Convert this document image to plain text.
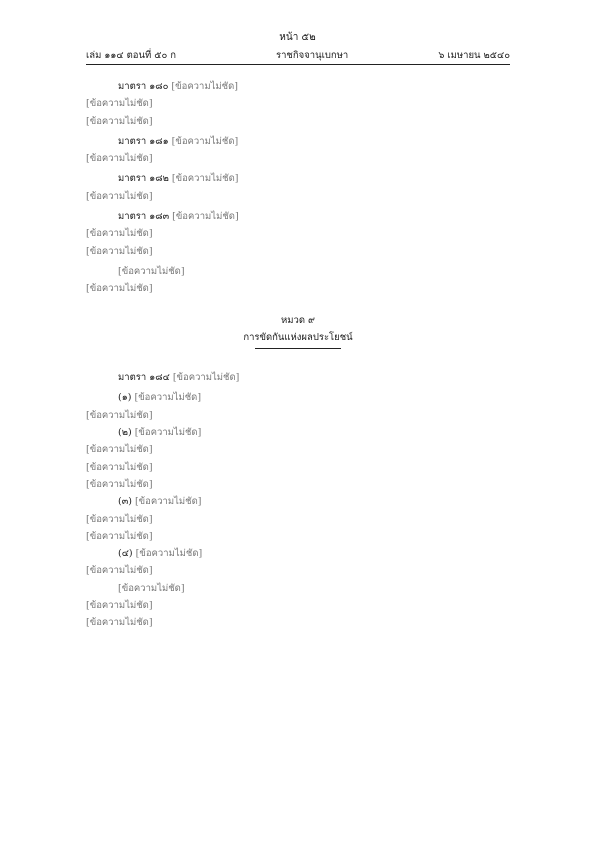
หน้า ๕๒
เล่ม ๑๑๔ ตอนที่ ๕๐ ก	ราชกิจจานุเบกษา	๖ เมษายน ๒๕๔๐

มาตรา ๑๘๐ [ข้อความไม่ชัด]

[ข้อความไม่ชัด]

[ข้อความไม่ชัด]

มาตรา ๑๘๑ [ข้อความไม่ชัด]

[ข้อความไม่ชัด]

มาตรา ๑๘๒ [ข้อความไม่ชัด]

[ข้อความไม่ชัด]

มาตรา ๑๘๓ [ข้อความไม่ชัด]

[ข้อความไม่ชัด]

[ข้อความไม่ชัด]

[ข้อความไม่ชัด]

[ข้อความไม่ชัด]

หมวด ๙
การขัดกันแห่งผลประโยชน์

มาตรา ๑๘๔ [ข้อความไม่ชัด]

(๑) [ข้อความไม่ชัด]

[ข้อความไม่ชัด]

(๒) [ข้อความไม่ชัด]

[ข้อความไม่ชัด]

[ข้อความไม่ชัด]

[ข้อความไม่ชัด]

(๓) [ข้อความไม่ชัด]

[ข้อความไม่ชัด]

[ข้อความไม่ชัด]

(๔) [ข้อความไม่ชัด]

[ข้อความไม่ชัด]

[ข้อความไม่ชัด]

[ข้อความไม่ชัด]

[ข้อความไม่ชัด]
